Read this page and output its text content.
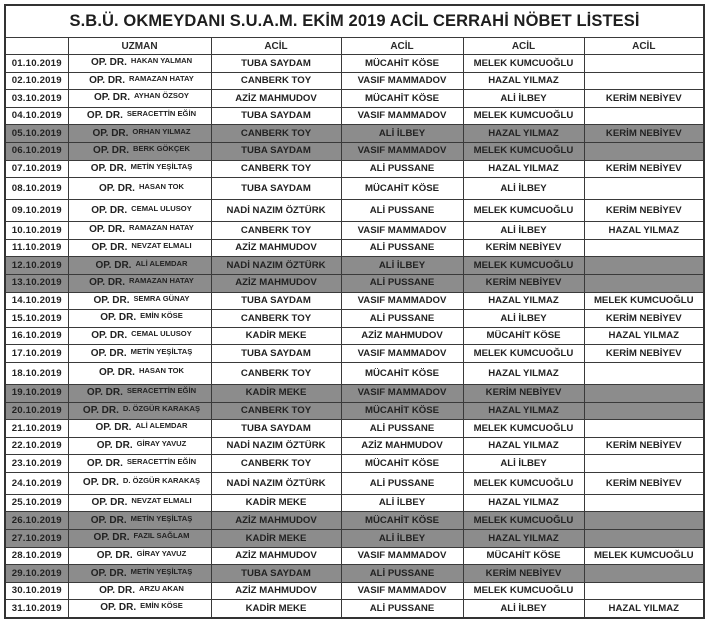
S.B.Ü. OKMEYDANI S.U.A.M. EKİM 2019 ACİL CERRAHİ NÖBET LİSTESİ					
	UZMAN	ACİL	ACİL	ACİL	ACİL
01.10.2019	OP. DR. HAKAN YALMAN	TUBA SAYDAM	MÜCAHİT KÖSE	MELEK KUMCUOĞLU	
02.10.2019	OP. DR. RAMAZAN HATAY	CANBERK TOY	VASIF MAMMADOV	HAZAL YILMAZ	
03.10.2019	OP. DR. AYHAN ÖZSOY	AZİZ MAHMUDOV	MÜCAHİT KÖSE	ALİ İLBEY	KERİM NEBİYEV
04.10.2019	OP. DR. SERACETTİN EĞİN	TUBA SAYDAM	VASIF MAMMADOV	MELEK KUMCUOĞLU	
05.10.2019	OP. DR. ORHAN YILMAZ	CANBERK TOY	ALİ İLBEY	HAZAL YILMAZ	KERİM NEBİYEV
06.10.2019	OP. DR. BERK GÖKÇEK	TUBA SAYDAM	VASIF MAMMADOV	MELEK KUMCUOĞLU	
07.10.2019	OP. DR. METİN YEŞİLTAŞ	CANBERK TOY	ALİ PUSSANE	HAZAL YILMAZ	KERİM NEBİYEV
08.10.2019	OP. DR. HASAN TOK	TUBA SAYDAM	MÜCAHİT KÖSE	ALİ İLBEY	
09.10.2019	OP. DR. CEMAL ULUSOY	NADİ NAZIM ÖZTÜRK	ALİ PUSSANE	MELEK KUMCUOĞLU	KERİM NEBİYEV
10.10.2019	OP. DR. RAMAZAN HATAY	CANBERK TOY	VASIF MAMMADOV	ALİ İLBEY	HAZAL YILMAZ
11.10.2019	OP. DR. NEVZAT ELMALI	AZİZ MAHMUDOV	ALİ PUSSANE	KERİM NEBİYEV	
12.10.2019	OP. DR. ALİ ALEMDAR	NADİ NAZIM ÖZTÜRK	ALİ İLBEY	MELEK KUMCUOĞLU	
13.10.2019	OP. DR. RAMAZAN HATAY	AZİZ MAHMUDOV	ALİ PUSSANE	KERİM NEBİYEV	
14.10.2019	OP. DR. SEMRA GÜNAY	TUBA SAYDAM	VASIF MAMMADOV	HAZAL YILMAZ	MELEK KUMCUOĞLU
15.10.2019	OP. DR. EMİN KÖSE	CANBERK TOY	ALİ PUSSANE	ALİ İLBEY	KERİM NEBİYEV
16.10.2019	OP. DR. CEMAL ULUSOY	KADİR MEKE	AZİZ MAHMUDOV	MÜCAHİT KÖSE	HAZAL YILMAZ
17.10.2019	OP. DR. METİN YEŞİLTAŞ	TUBA SAYDAM	VASIF MAMMADOV	MELEK KUMCUOĞLU	KERİM NEBİYEV
18.10.2019	OP. DR. HASAN TOK	CANBERK TOY	MÜCAHİT KÖSE	HAZAL YILMAZ	
19.10.2019	OP. DR. SERACETTİN EĞİN	KADİR MEKE	VASIF MAMMADOV	KERİM NEBİYEV	
20.10.2019	OP. DR. D. ÖZGÜR KARAKAŞ	CANBERK TOY	MÜCAHİT KÖSE	HAZAL YILMAZ	
21.10.2019	OP. DR. ALİ ALEMDAR	TUBA SAYDAM	ALİ PUSSANE	MELEK KUMCUOĞLU	
22.10.2019	OP. DR. GİRAY YAVUZ	NADİ NAZIM ÖZTÜRK	AZİZ MAHMUDOV	HAZAL YILMAZ	KERİM NEBİYEV
23.10.2019	OP. DR. SERACETTİN EĞİN	CANBERK TOY	MÜCAHİT KÖSE	ALİ İLBEY	
24.10.2019	OP. DR. D. ÖZGÜR KARAKAŞ	NADİ NAZIM ÖZTÜRK	ALİ PUSSANE	MELEK KUMCUOĞLU	KERİM NEBİYEV
25.10.2019	OP. DR. NEVZAT ELMALI	KADİR MEKE	ALİ İLBEY	HAZAL YILMAZ	
26.10.2019	OP. DR. METİN YEŞİLTAŞ	AZİZ MAHMUDOV	MÜCAHİT KÖSE	MELEK KUMCUOĞLU	
27.10.2019	OP. DR. FAZIL SAĞLAM	KADİR MEKE	ALİ İLBEY	HAZAL YILMAZ	
28.10.2019	OP. DR. GİRAY YAVUZ	AZİZ MAHMUDOV	VASIF MAMMADOV	MÜCAHİT KÖSE	MELEK KUMCUOĞLU
29.10.2019	OP. DR. METİN YEŞİLTAŞ	TUBA SAYDAM	ALİ PUSSANE	KERİM NEBİYEV	
30.10.2019	OP. DR. ARZU AKAN	AZİZ MAHMUDOV	VASIF MAMMADOV	MELEK KUMCUOĞLU	
31.10.2019	OP. DR. EMİN KÖSE	KADİR MEKE	ALİ PUSSANE	ALİ İLBEY	HAZAL YILMAZ
